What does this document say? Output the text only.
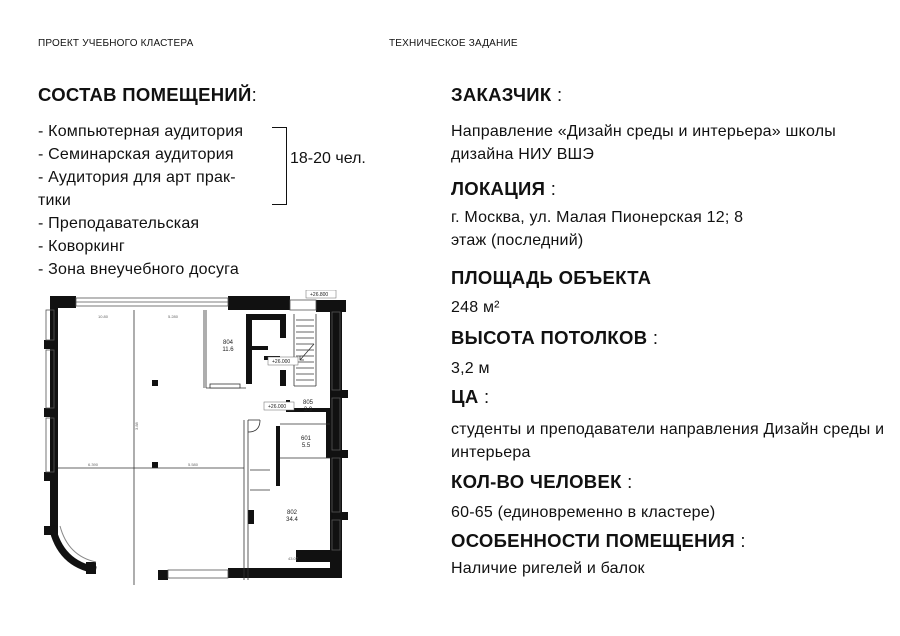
ПРОЕКТ УЧЕБНОГО КЛАСТЕРА	ТЕХНИЧЕСКОЕ ЗАДАНИЕ
СОСТАВ ПОМЕЩЕНИЙ:
- Компьютерная аудитория
- Семинарская аудитория
- Аудитория для арт прак-
тики
- Преподавательская
- Коворкинг
- Зона внеучебного досуга
18-20 чел.
ЗАКАЗЧИК :
Направление «Дизайн среды и интерьера» школы дизайна НИУ ВШЭ
ЛОКАЦИЯ :
г. Москва, ул. Малая Пионерская 12; 8 этаж (последний)
ПЛОЩАДЬ ОБЪЕКТА
248 м²
ВЫСОТА ПОТОЛКОВ :
3,2 м
ЦА :
студенты и преподаватели направления Дизайн среды и интерьера
КОЛ-ВО ЧЕЛОВЕК :
60-65 (единовременно в кластере)
ОСОБЕННОСТИ ПОМЕЩЕНИЯ :
Наличие ригелей и балок
804
11.6
805
3.9
601
5.5
802
34.4
+26.800
+26.000
+26.000
10.80	5.280
3.88
6.390	5.580
43.07
